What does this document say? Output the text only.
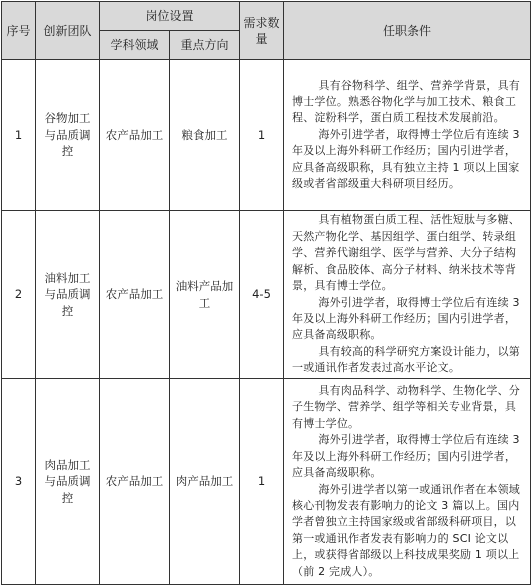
序号	创新团队	岗位设置		需求数量	任职条件
		学科领域	重点方向		
1	谷物加工与品质调控	农产品加工	粮食加工	1	具有谷物科学、组学、营养学背景，具有博士学位。熟悉谷物化学与加工技术、粮食工程、淀粉科学，蛋白质工程技术发展前沿。

海外引进学者，取得博士学位后有连续 3 年及以上海外科研工作经历；国内引进学者，应具备高级职称，具有独立主持 1 项以上国家级或者省部级重大科研项目经历。

2	油料加工与品质调控	农产品加工	油料产品加工	4-5	具有植物蛋白质工程、活性短肽与多糖、天然产物化学、基因组学、蛋白组学、转录组学、营养代谢组学、医学与营养、大分子结构解析、食品胶体、高分子材料、纳米技术等背景，具有博士学位。

海外引进学者，取得博士学位后有连续 3 年及以上海外科研工作经历；国内引进学者，应具备高级职称。

具有较高的科学研究方案设计能力，以第一或通讯作者发表过高水平论文。

3	肉品加工与品质调控	农产品加工	肉产品加工	1	具有肉品科学、动物科学、生物化学、分子生物学、营养学、组学等相关专业背景，具有博士学位。

海外引进学者，取得博士学位后有连续 3 年及以上海外科研工作经历；国内引进学者，应具备高级职称。

海外引进学者以第一或通讯作者在本领域核心刊物发表有影响力的论文 3 篇以上。国内学者曾独立主持国家级或省部级科研项目，以第一或通讯作者发表有影响力的 SCI 论文以上，或获得省部级以上科技成果奖励 1 项以上（前 2 完成人）。
